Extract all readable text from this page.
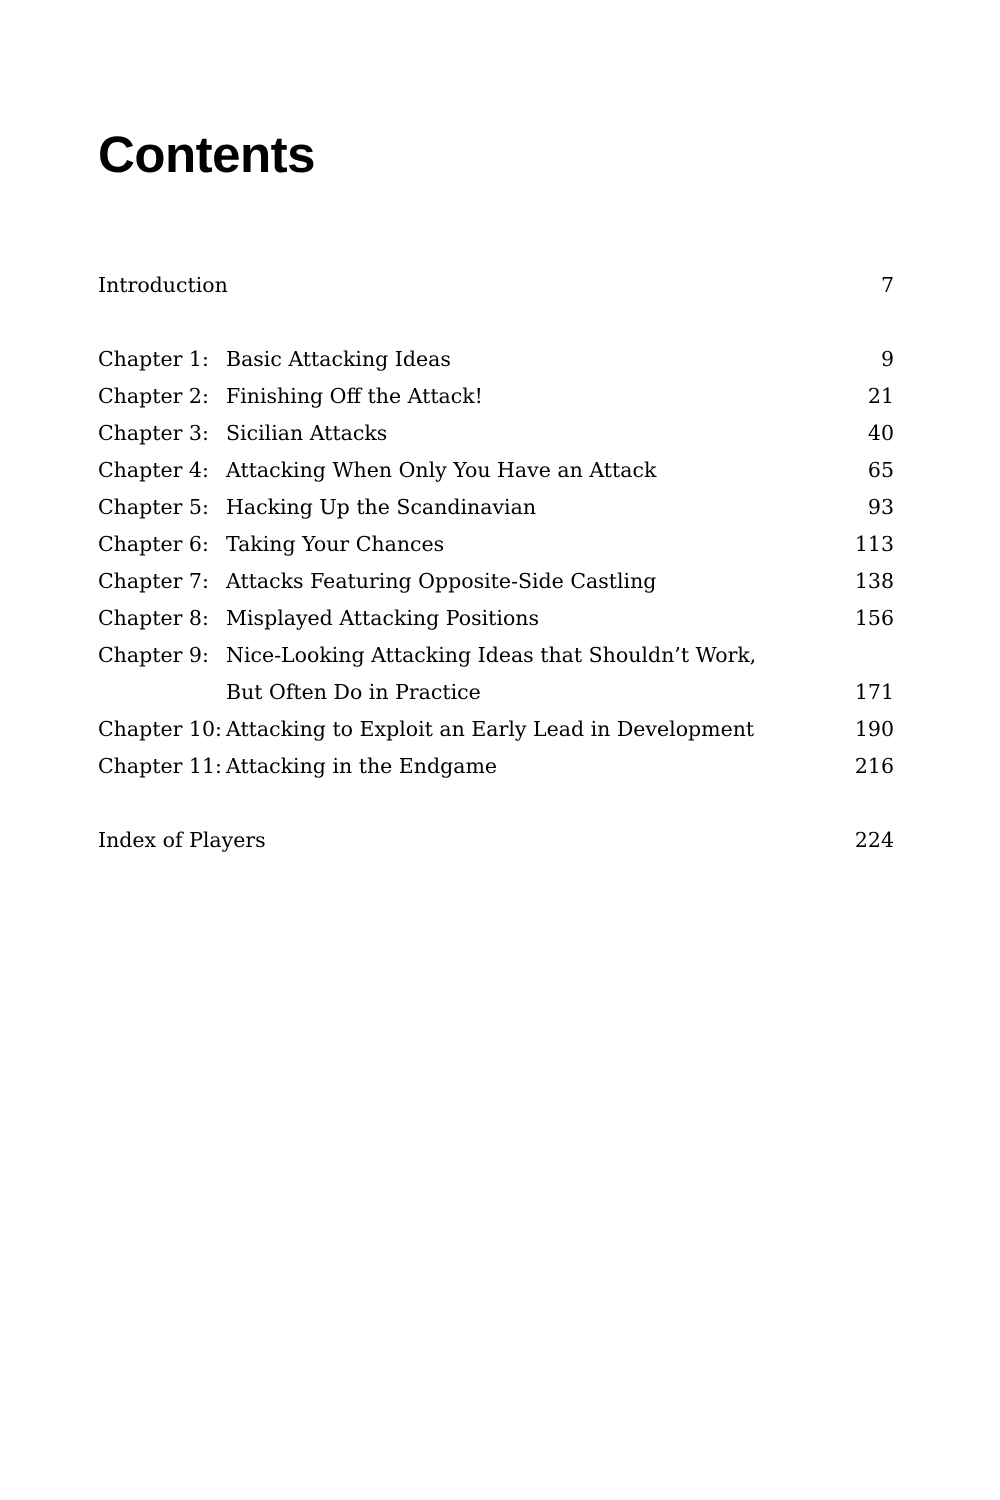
Contents
Introduction	7
Chapter 1: Basic Attacking Ideas	9
Chapter 2: Finishing Off the Attack!	21
Chapter 3: Sicilian Attacks	40
Chapter 4: Attacking When Only You Have an Attack	65
Chapter 5: Hacking Up the Scandinavian	93
Chapter 6: Taking Your Chances	113
Chapter 7: Attacks Featuring Opposite-Side Castling	138
Chapter 8: Misplayed Attacking Positions	156
Chapter 9: Nice-Looking Attacking Ideas that Shouldn’t Work,
But Often Do in Practice	171
Chapter 10: Attacking to Exploit an Early Lead in Development	190
Chapter 11: Attacking in the Endgame	216
Index of Players	224
